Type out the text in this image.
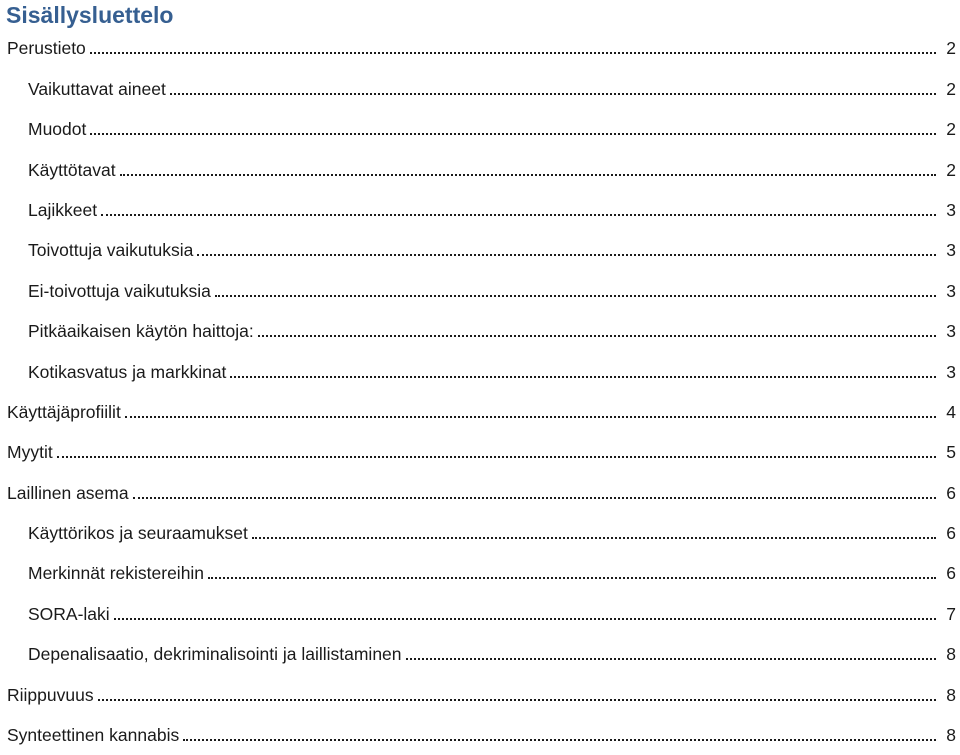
Sisällysluettelo
Perustieto	2
Vaikuttavat aineet	2
Muodot	2
Käyttötavat	2
Lajikkeet	3
Toivottuja vaikutuksia	3
Ei-toivottuja vaikutuksia	3
Pitkäaikaisen käytön haittoja:	3
Kotikasvatus ja markkinat	3
Käyttäjäprofiilit	4
Myytit	5
Laillinen asema	6
Käyttörikos ja seuraamukset	6
Merkinnät rekistereihin	6
SORA-laki	7
Depenalisaatio, dekriminalisointi ja laillistaminen	8
Riippuvuus	8
Synteettinen kannabis	8
